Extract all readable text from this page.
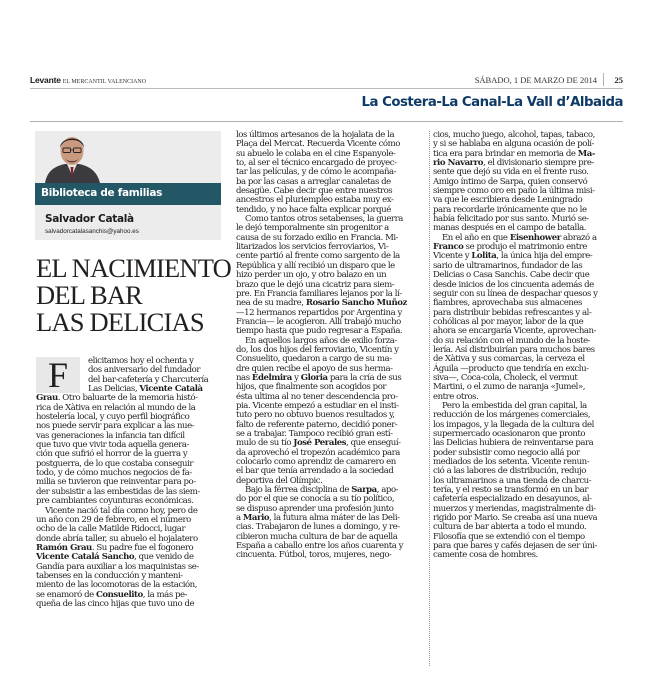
Levante EL MERCANTIL VALENCIANO	SÁBADO, 1 DE MARZO DE 2014 25
La Costera-La Canal-La Vall d’Albaida
Biblioteca de familias
Salvador Català
salvadorcatalasanchis@yahoo.es
EL NACIMIENTO
DEL BAR
LAS DELICIAS
F	elicitamos hoy el ochenta y
dos aniversario del fundador
del bar-cafetería y Charcutería
Las Delicias, Vicente Català
Grau. Otro baluarte de la memoria histó-
rica de Xàtiva en relación al mundo de la
hostelería local, y cuyo perfil biográfico
nos puede servir para explicar a las nue-
vas generaciones la infancia tan difícil
que tuvo que vivir toda aquella genera-
ción que sufrió el horror de la guerra y
postguerra, de lo que costaba conseguir
todo, y de cómo muchos negocios de fa-
milia se tuvieron que reinventar para po-
der subsistir a las embestidas de las siem-
pre cambiantes coyunturas económicas.
Vicente nació tal día como hoy, pero de
un año con 29 de febrero, en el número
ocho de la calle Matilde Ridocci, lugar
donde abría taller, su abuelo el hojalatero
Ramón Grau. Su padre fue el fogonero
Vicente Catalá Sancho, que venido de
Gandía para auxiliar a los maquinistas se-
tabenses en la conducción y manteni-
miento de las locomotoras de la estación,
se enamoró de Consuelito, la más pe-
queña de las cinco hijas que tuvo uno de
los últimos artesanos de la hojalata de la
Plaça del Mercat. Recuerda Vicente cómo
su abuelo le colaba en el cine Espanyole-
to, al ser el técnico encargado de proyec-
tar las películas, y de cómo le acompaña-
ba por las casas a arreglar canaletas de
desagüe. Cabe decir que entre nuestros
ancestros el pluriempleo estaba muy ex-
tendido, y no hace falta explicar porqué
Como tantos otros setabenses, la guerra
le dejó temporalmente sin progenitor a
causa de su forzado exilio en Francia. Mi-
litarizados los servicios ferroviarios, Vi-
cente partió al frente como sargento de la
República y allí recibió un disparo que le
hizo perder un ojo, y otro balazo en un
brazo que le dejó una cicatriz para siem-
pre. En Francia familiares lejanos por la lí-
nea de su madre, Rosario Sancho Muñoz
—12 hermanos repartidos por Argentina y
Francia— le acogieron. Allí trabajó mucho
tiempo hasta que pudo regresar a España.
En aquellos largos años de exilio forza-
do, los dos hijos del ferroviario, Vicentín y
Consuelito, quedaron a cargo de su ma-
dre quien recibe el apoyo de sus herma-
nas Edelmira y Gloria para la cría de sus
hijos, que finalmente son acogidos por
ésta ultima al no tener descendencia pro-
pia. Vicente empezó a estudiar en el insti-
tuto pero no obtuvo buenos resultados y,
falto de referente paterno, decidió poner-
se a trabajar. Tampoco recibió gran estí-
mulo de su tío José Perales, que enseguí-
da aprovechó el tropezón académico para
colocarlo como aprendiz de camarero en
el bar que tenía arrendado a la sociedad
deportiva del Olímpic.
Bajo la férrea disciplina de Sarpa, apo-
do por el que se conocía a su tío político,
se dispuso aprender una profesión junto
a Mario, la futura alma máter de las Deli-
cias. Trabajaron de lunes a domingo, y re-
cibieron mucha cultura de bar de aquella
España a caballo entre los años cuarenta y
cincuenta. Fútbol, toros, mujeres, nego-
cios, mucho juego, alcohol, tapas, tabaco,
y si se hablaba en alguna ocasión de polí-
tica era para brindar en memoria de Ma-
rio Navarro, el divisionario siempre pre-
sente que dejó su vida en el frente ruso.
Amigo íntimo de Sarpa, quien conservó
siempre como oro en paño la última misi-
va que le escribiera desde Leningrado
para recordarle irónicamente que no le
había felicitado por sus santo. Murió se-
manas después en el campo de batalla.
En el año en que Eisenhower abrazó a
Franco se produjo el matrimonio entre
Vicente y Lolita, la única hija del empre-
sario de ultramarinos, fundador de las
Delicias o Casa Sanchis. Cabe decir que
desde inicios de los cincuenta además de
seguir con su línea de despachar quesos y
fiambres, aprovechaba sus almacenes
para distribuir bebidas refrescantes y al-
cohólicas al por mayor, labor de la que
ahora se encargaría Vicente, aprovechan-
do su relación con el mundo de la hoste-
lería. Así distribuirían para muchos bares
de Xàtiva y sus comarcas, la cerveza el
Águila —producto que tendría en exclu-
siva—, Coca-cola, Choleck, el vermut
Martini, o el zumo de naranja «Jumel»,
entre otros.
Pero la embestida del gran capital, la
reducción de los márgenes comerciales,
los impagos, y la llegada de la cultura del
supermercado ocasionaron que pronto
las Delicias hubiera de reinventarse para
poder subsistir como negocio allá por
mediados de los setenta. Vicente renun-
ció a las labores de distribución, redujo
los ultramarinos a una tienda de charcu-
tería, y el resto se transformó en un bar
cafetería especializado en desayunos, al-
muerzos y meriendas, magistralmente di-
rigido por Mario. Se creaba así una nueva
cultura de bar abierta a todo el mundo.
Filosofía que se extendió con el tiempo
para que bares y cafés dejasen de ser úni-
camente cosa de hombres.
